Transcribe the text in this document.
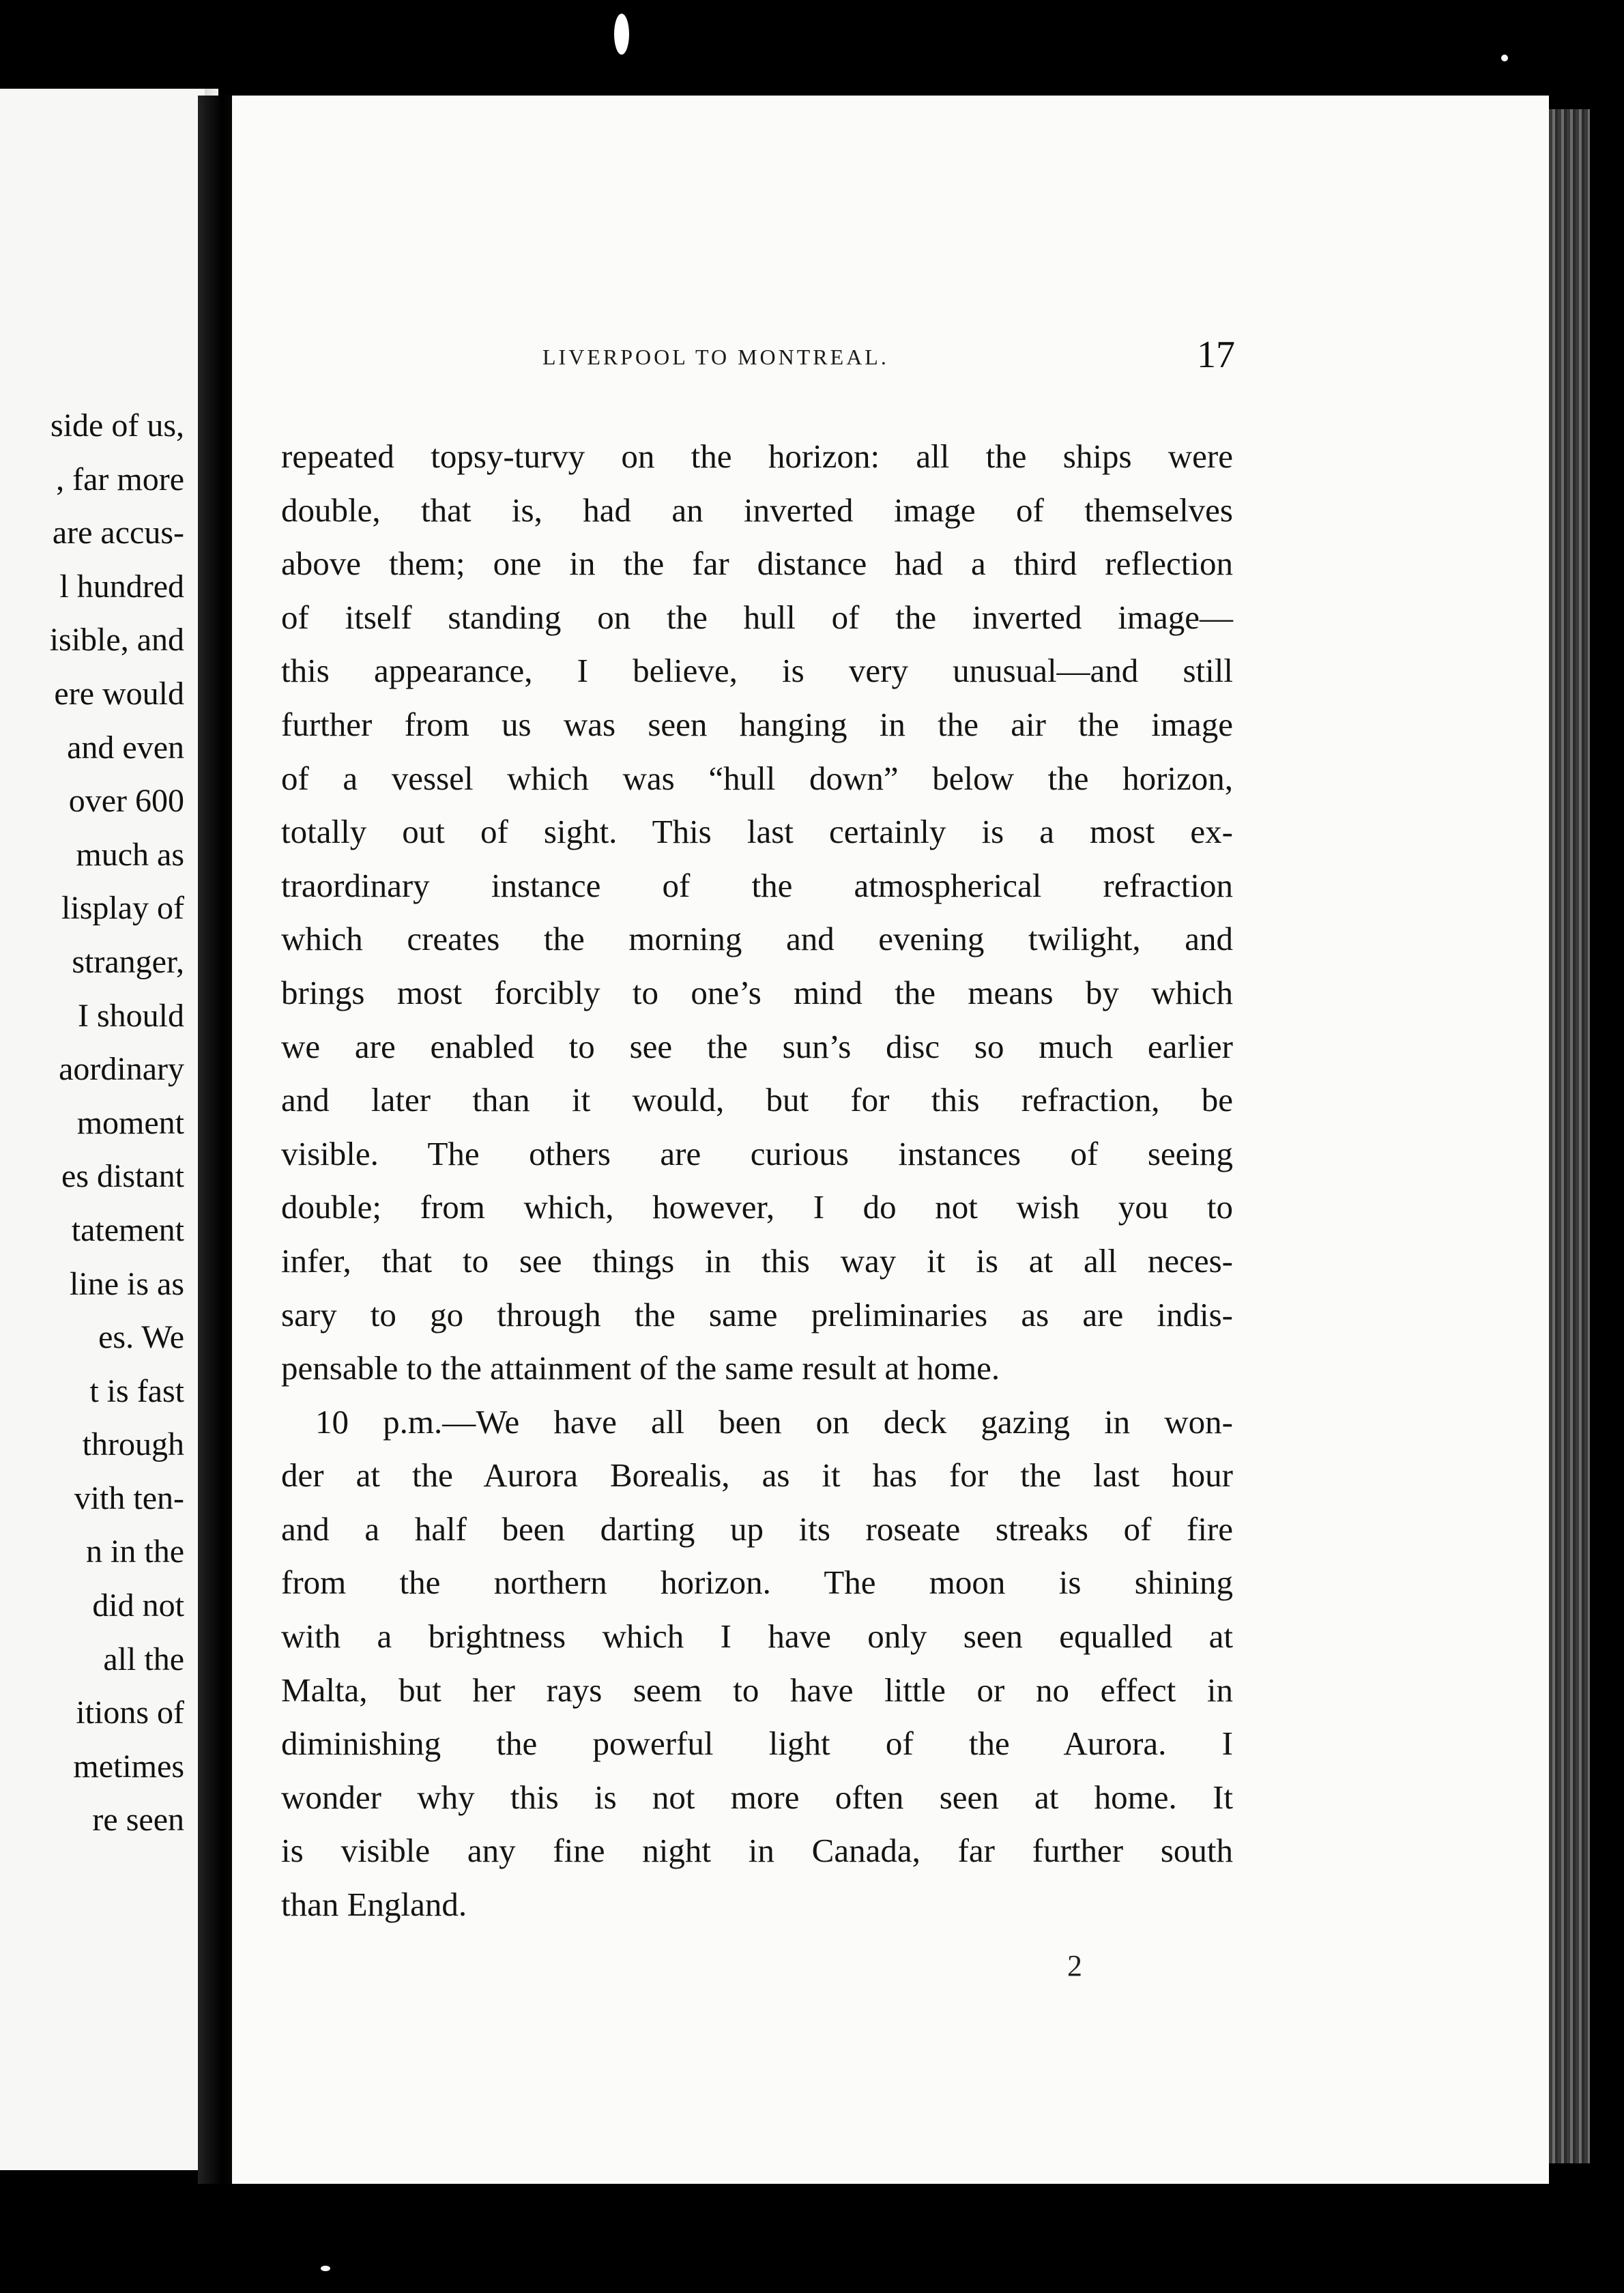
side of us,
, far more
are accus-
l hundred
isible, and
ere would
and even
over 600
much as
lisplay of
stranger,
I should
aordinary
moment
es distant
tatement
line is as
es. We
t is fast
through
vith ten-
n in the
did not
all the
itions of
metimes
re seen
LIVERPOOL TO MONTREAL.	17
repeated topsy-turvy on the horizon: all the ships were
double, that is, had an inverted image of themselves
above them; one in the far distance had a third reflection
of itself standing on the hull of the inverted image—
this appearance, I believe, is very unusual—and still
further from us was seen hanging in the air the image
of a vessel which was “hull down” below the horizon,
totally out of sight. This last certainly is a most ex-
traordinary instance of the atmospherical refraction
which creates the morning and evening twilight, and
brings most forcibly to one’s mind the means by which
we are enabled to see the sun’s disc so much earlier
and later than it would, but for this refraction, be
visible. The others are curious instances of seeing
double; from which, however, I do not wish you to
infer, that to see things in this way it is at all neces-
sary to go through the same preliminaries as are indis-
pensable to the attainment of the same result at home.
10 p.m.—We have all been on deck gazing in won-
der at the Aurora Borealis, as it has for the last hour
and a half been darting up its roseate streaks of fire
from the northern horizon. The moon is shining
with a brightness which I have only seen equalled at
Malta, but her rays seem to have little or no effect in
diminishing the powerful light of the Aurora. I
wonder why this is not more often seen at home. It
is visible any fine night in Canada, far further south
than England.
2
